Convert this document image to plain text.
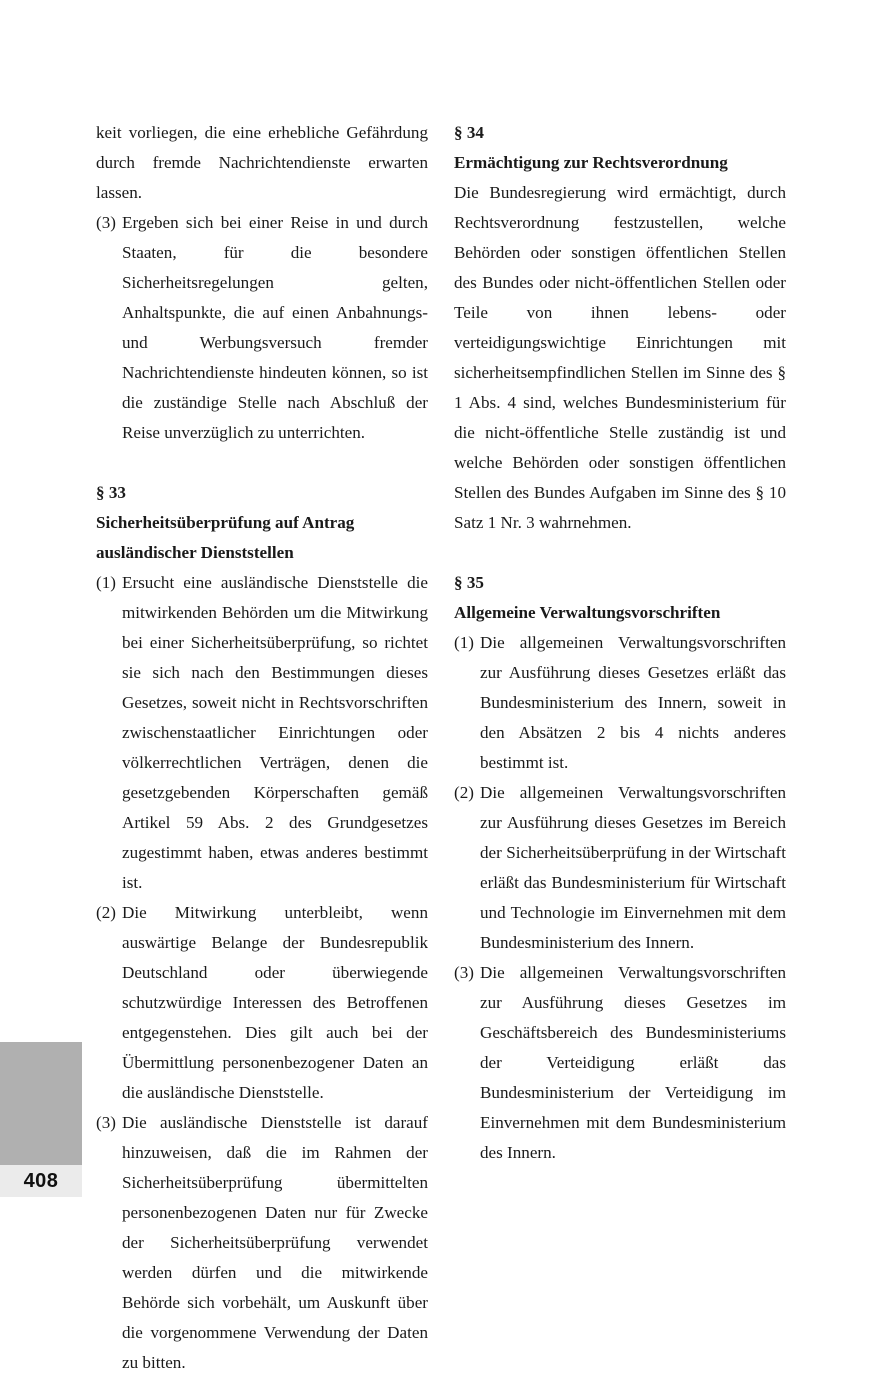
408

keit vorliegen, die eine erhebliche Gefährdung durch fremde Nachrichtendienste erwarten lassen.

(3) Ergeben sich bei einer Reise in und durch Staaten, für die besondere Sicherheitsregelungen gelten, Anhaltspunkte, die auf einen Anbahnungs- und Werbungsversuch fremder Nachrichtendienste hindeuten können, so ist die zuständige Stelle nach Abschluß der Reise unverzüglich zu unterrichten.

§ 33

Sicherheitsüberprüfung auf Antrag ausländischer Dienststellen

(1) Ersucht eine ausländische Dienststelle die mitwirkenden Behörden um die Mitwirkung bei einer Sicherheitsüberprüfung, so richtet sie sich nach den Bestimmungen dieses Gesetzes, soweit nicht in Rechtsvorschriften zwischenstaatlicher Einrichtungen oder völkerrechtlichen Verträgen, denen die gesetzgebenden Körperschaften gemäß Artikel 59 Abs. 2 des Grundgesetzes zugestimmt haben, etwas anderes bestimmt ist.

(2) Die Mitwirkung unterbleibt, wenn auswärtige Belange der Bundesrepublik Deutschland oder überwiegende schutzwürdige Interessen des Betroffenen entgegenstehen. Dies gilt auch bei der Übermittlung personenbezogener Daten an die ausländische Dienststelle.

(3) Die ausländische Dienststelle ist darauf hinzuweisen, daß die im Rahmen der Sicherheitsüberprüfung übermittelten personenbezogenen Daten nur für Zwecke der Sicherheitsüberprüfung verwendet werden dürfen und die mitwirkende Behörde sich vorbehält, um Auskunft über die vorgenommene Verwendung der Daten zu bitten.

§ 34

Ermächtigung zur Rechtsverordnung

Die Bundesregierung wird ermächtigt, durch Rechtsverordnung festzustellen, welche Behörden oder sonstigen öffentlichen Stellen des Bundes oder nicht-öffentlichen Stellen oder Teile von ihnen lebens- oder verteidigungswichtige Einrichtungen mit sicherheitsempfindlichen Stellen im Sinne des § 1 Abs. 4 sind, welches Bundesministerium für die nicht-öffentliche Stelle zuständig ist und welche Behörden oder sonstigen öffentlichen Stellen des Bundes Aufgaben im Sinne des § 10 Satz 1 Nr. 3 wahrnehmen.

§ 35

Allgemeine Verwaltungsvorschriften

(1) Die allgemeinen Verwaltungsvorschriften zur Ausführung dieses Gesetzes erläßt das Bundesministerium des Innern, soweit in den Absätzen 2 bis 4 nichts anderes bestimmt ist.

(2) Die allgemeinen Verwaltungsvorschriften zur Ausführung dieses Gesetzes im Bereich der Sicherheitsüberprüfung in der Wirtschaft erläßt das Bundesministerium für Wirtschaft und Technologie im Einvernehmen mit dem Bundesministerium des Innern.

(3) Die allgemeinen Verwaltungsvorschriften zur Ausführung dieses Gesetzes im Geschäftsbereich des Bundesministeriums der Verteidigung erläßt das Bundesministerium der Verteidigung im Einvernehmen mit dem Bundesministerium des Innern.
